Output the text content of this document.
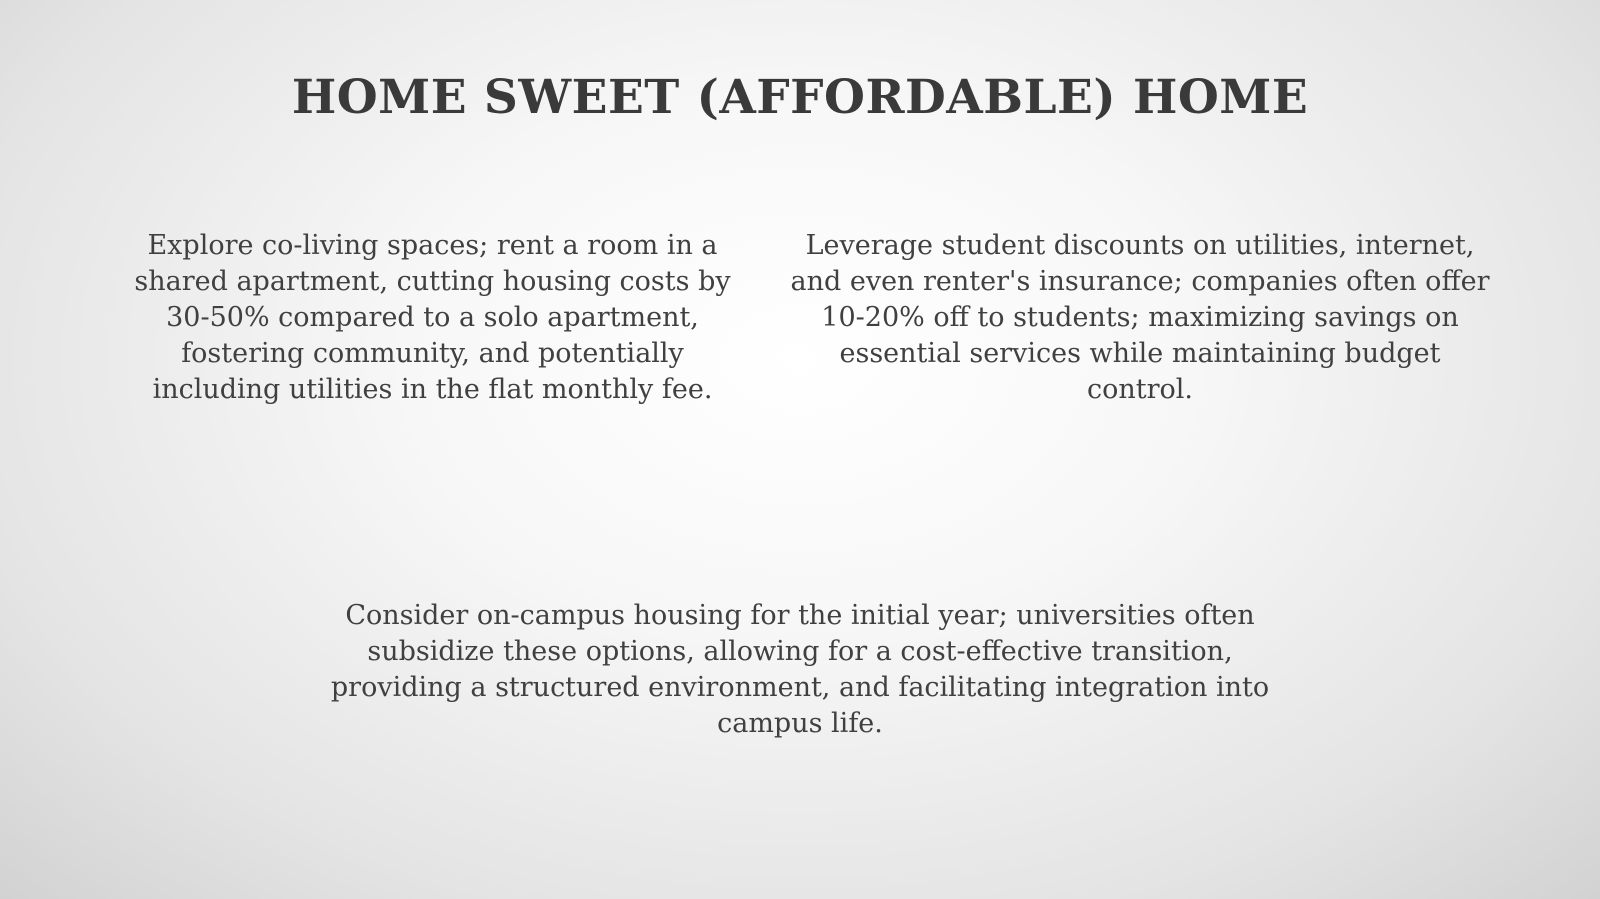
HOME SWEET (AFFORDABLE) HOME

Explore co-living spaces; rent a room in a shared apartment, cutting housing costs by 30-50% compared to a solo apartment, fostering community, and potentially including utilities in the flat monthly fee.

Leverage student discounts on utilities, internet, and even renter's insurance; companies often offer 10-20% off to students; maximizing savings on essential services while maintaining budget control.

Consider on-campus housing for the initial year; universities often subsidize these options, allowing for a cost-effective transition, providing a structured environment, and facilitating integration into campus life.
